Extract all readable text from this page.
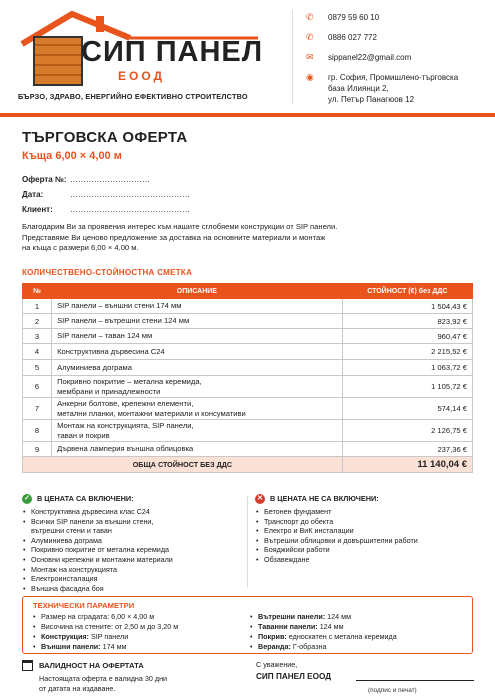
СИП ПАНЕЛ
ЕООД
БЪРЗО, ЗДРАВО, ЕНЕРГИЙНО ЕФЕКТИВНО СТРОИТЕЛСТВО
✆	0879 59 60 10
✆	0886 027 772
✉	sippanel22@gmail.com
◉	гр. София, Промишлено-търговска
база Илиянци 2,
ул. Петър Панагюов 12
ТЪРГОВСКА ОФЕРТА
Къща 6,00 × 4,00 м
Оферта №: …………………………
Дата:	………………………………………
Клиент:	………………………………………

Благодарим Ви за проявения интерес към нашите сглобяеми конструкции от SIP панели.

Представяме Ви ценово предложение за доставка на основните материали и монтаж

на къща с размери 6,00 × 4,00 м.

КОЛИЧЕСТВЕНО-СТОЙНОСТНА СМЕТКА
№	ОПИСАНИЕ	СТОЙНОСТ (€) без ДДС
1	SIP панели – външни стени 174 мм	1 504,43 €
2	SIP панели – вътрешни стени 124 мм	823,92 €
3	SIP панели – таван 124 мм	960,47 €
4	Конструктивна дървесина С24	2 215,52 €
5	Алуминиева дограма	1 063,72 €
6	Покривно покритие – метална керемида,
мембрани и принадлежности	1 105,72 €
7	Анкерни болтове, крепежни елементи,
метални планки, монтажни материали и консумативи	574,14 €
8	Монтаж на конструкцията, SIP панели,
таван и покрив	2 126,75 €
9	Дървена ламперия външна облицовка	237,36 €
ОБЩА СТОЙНОСТ БЕЗ ДДС		11 140,04 €
✓ В ЦЕНАТА СА ВКЛЮЧЕНИ:
• Конструктивна дървесина клас С24
• Всички SIP панели за външни стени,
вътрешни стени и таван
• Алуминиева дограма
• Покривно покритие от метална керемида
• Основни крепежни и монтажни материали
• Монтаж на конструкцията
• Електроинсталация
• Външна фасадна боя
✕ В ЦЕНАТА НЕ СА ВКЛЮЧЕНИ:
• Бетонен фундамент
• Транспорт до обекта
• Електро и ВиК инсталации
• Вътрешни облицовки и довършителни работи
• Бояджийски работи
• Обзавеждане
ТЕХНИЧЕСКИ ПАРАМЕТРИ
• Размер на сградата: 6,00 × 4,00 м
• Височина на стените: от 2,50 м до 3,20 м
• Конструкция: SIP панели
• Външни панели: 174 мм
• Вътрешни панели: 124 мм
• Таванни панели: 124 мм
• Покрив: едноскатен с метална керемида
• Веранда: Г-образна
ВАЛИДНОСТ НА ОФЕРТАТА

Настоящата оферта е валидна 30 дни

от датата на издаване.

С уважение,
СИП ПАНЕЛ ЕООД
(подпис и печат)
